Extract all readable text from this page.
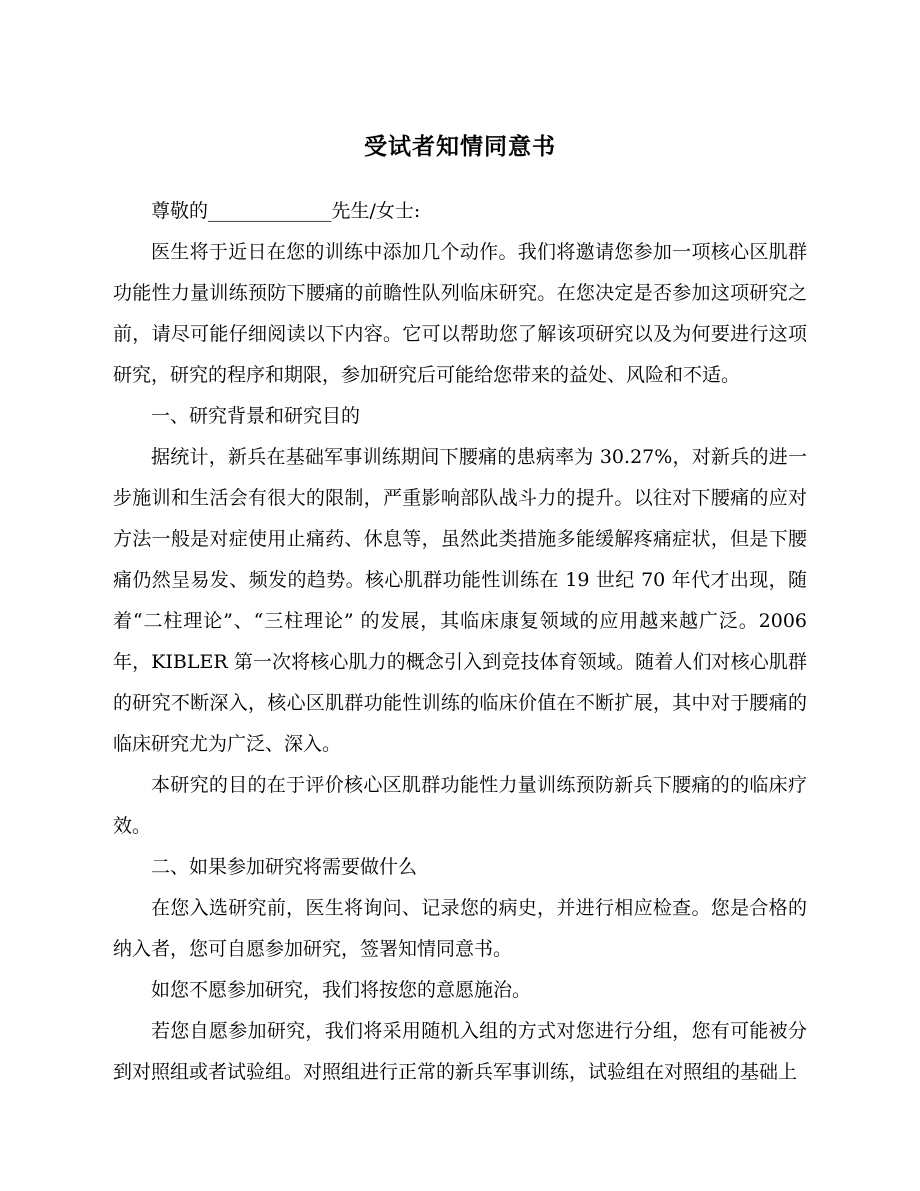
受试者知情同意书

尊敬的_____________先生/女士:

医生将于近日在您的训练中添加几个动作。我们将邀请您参加一项核心区肌群功能性力量训练预防下腰痛的前瞻性队列临床研究。在您决定是否参加这项研究之前，请尽可能仔细阅读以下内容。它可以帮助您了解该项研究以及为何要进行这项研究，研究的程序和期限，参加研究后可能给您带来的益处、风险和不适。

一、研究背景和研究目的

据统计，新兵在基础军事训练期间下腰痛的患病率为 30.27%，对新兵的进一步施训和生活会有很大的限制，严重影响部队战斗力的提升。以往对下腰痛的应对方法一般是对症使用止痛药、休息等，虽然此类措施多能缓解疼痛症状，但是下腰痛仍然呈易发、频发的趋势。核心肌群功能性训练在 19 世纪 70 年代才出现，随着“二柱理论”、“三柱理论” 的发展，其临床康复领域的应用越来越广泛。2006 年，KIBLER 第一次将核心肌力的概念引入到竞技体育领域。随着人们对核心肌群的研究不断深入，核心区肌群功能性训练的临床价值在不断扩展，其中对于腰痛的临床研究尤为广泛、深入。

本研究的目的在于评价核心区肌群功能性力量训练预防新兵下腰痛的的临床疗效。

二、如果参加研究将需要做什么

在您入选研究前，医生将询问、记录您的病史，并进行相应检查。您是合格的纳入者，您可自愿参加研究，签署知情同意书。

如您不愿参加研究，我们将按您的意愿施治。

若您自愿参加研究，我们将采用随机入组的方式对您进行分组，您有可能被分到对照组或者试验组。对照组进行正常的新兵军事训练，试验组在对照组的基础上
